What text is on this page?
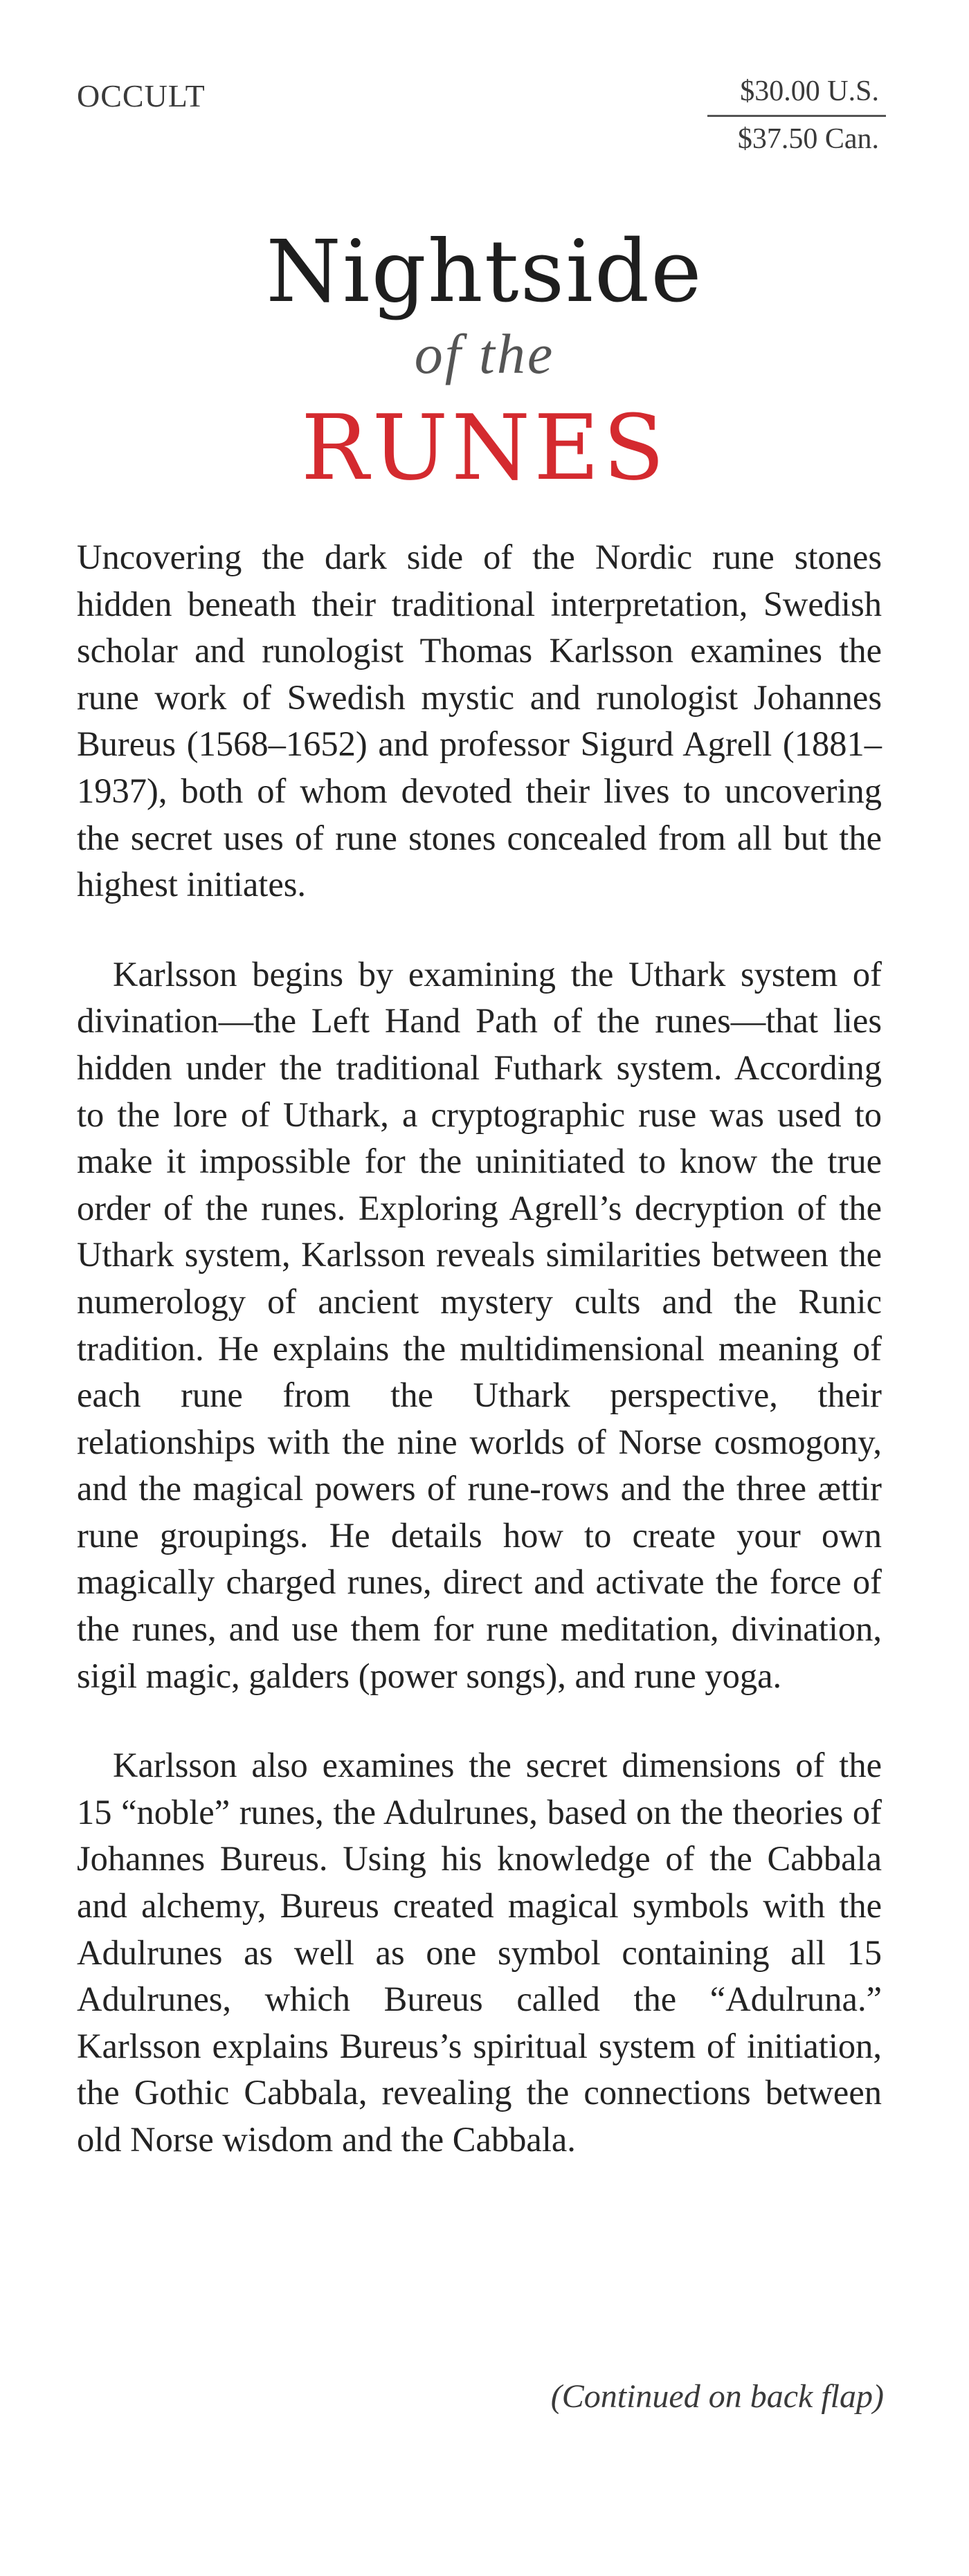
OCCULT	$30.00 U.S.
$37.50 Can.
Nightside
of the
RUNES

Uncovering the dark side of the Nordic rune stones hidden beneath their traditional interpretation, Swedish scholar and runologist Thomas Karlsson examines the rune work of Swedish mystic and runologist Johannes Bureus (1568–1652) and professor Sigurd Agrell (1881–1937), both of whom devoted their lives to uncovering the secret uses of rune stones concealed from all but the highest initiates.

Karlsson begins by examining the Uthark system of divination—the Left Hand Path of the runes—that lies hidden under the traditional Futhark system. According to the lore of Uthark, a cryptographic ruse was used to make it impossible for the uninitiated to know the true order of the runes. Exploring Agrell’s decryption of the Uthark system, Karlsson reveals similarities between the numerology of ancient mystery cults and the Runic tradition. He explains the multidimensional meaning of each rune from the Uthark perspective, their relationships with the nine worlds of Norse cosmogony, and the magical powers of rune-rows and the three ættir rune groupings. He details how to create your own magically charged runes, direct and activate the force of the runes, and use them for rune meditation, divination, sigil magic, galders (power songs), and rune yoga.

Karlsson also examines the secret dimensions of the 15 “noble” runes, the Adulrunes, based on the theories of Johannes Bureus. Using his knowledge of the Cabbala and alchemy, Bureus created magical symbols with the Adulrunes as well as one symbol containing all 15 Adulrunes, which Bureus called the “Adulruna.” Karlsson explains Bureus’s spiritual system of initiation, the Gothic Cabbala, revealing the connections between old Norse wisdom and the Cabbala.

(Continued on back flap)
